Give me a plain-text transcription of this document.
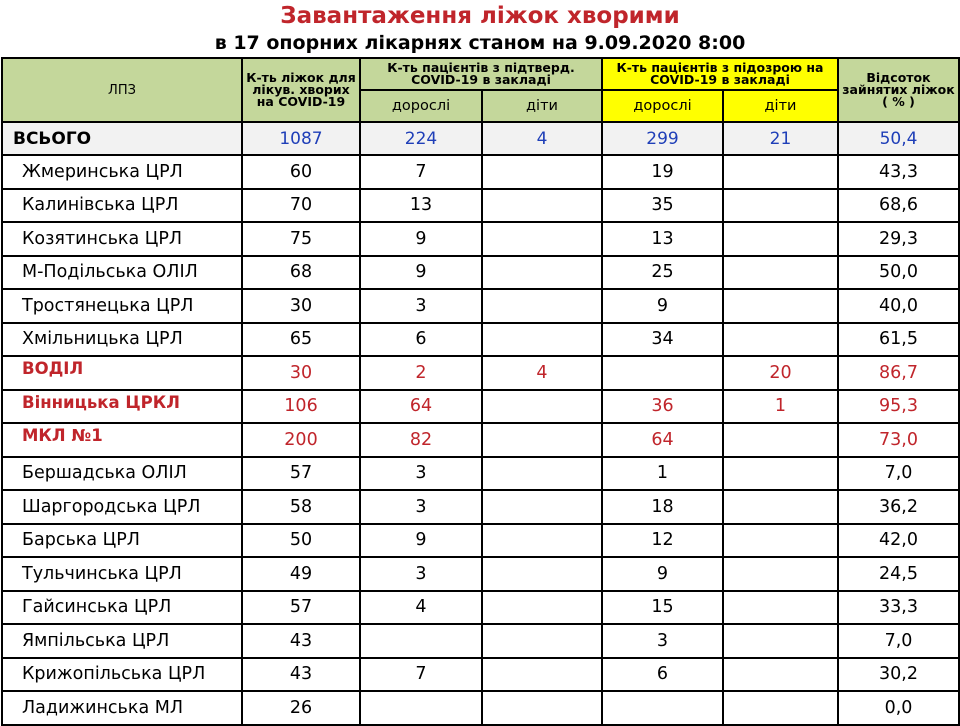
Завантаження ліжок хворими
в 17 опорних лікарнях станом на 9.09.2020 8:00
ЛПЗ	К-ть ліжок для лікув. хворих на COVID-19	К-ть пацієнтів з підтверд. COVID-19 в закладі		К-ть пацієнтів з підозрою на COVID-19 в закладі		Відсоток зайнятих ліжок ( % )
		дорослі	діти	дорослі	діти	
ВСЬОГО	1087	224	4	299	21	50,4
Жмеринська ЦРЛ	60	7		19		43,3
Калинівська ЦРЛ	70	13		35		68,6
Козятинська ЦРЛ	75	9		13		29,3
М-Подільська ОЛІЛ	68	9		25		50,0
Тростянецька ЦРЛ	30	3		9		40,0
Хмільницька ЦРЛ	65	6		34		61,5
ВОДІЛ	30	2	4		20	86,7
Вінницька ЦРКЛ	106	64		36	1	95,3
МКЛ №1	200	82		64		73,0
Бершадська ОЛІЛ	57	3		1		7,0
Шаргородська ЦРЛ	58	3		18		36,2
Барська ЦРЛ	50	9		12		42,0
Тульчинська ЦРЛ	49	3		9		24,5
Гайсинська ЦРЛ	57	4		15		33,3
Ямпільська ЦРЛ	43			3		7,0
Крижопільська ЦРЛ	43	7		6		30,2
Ладижинська МЛ	26					0,0
